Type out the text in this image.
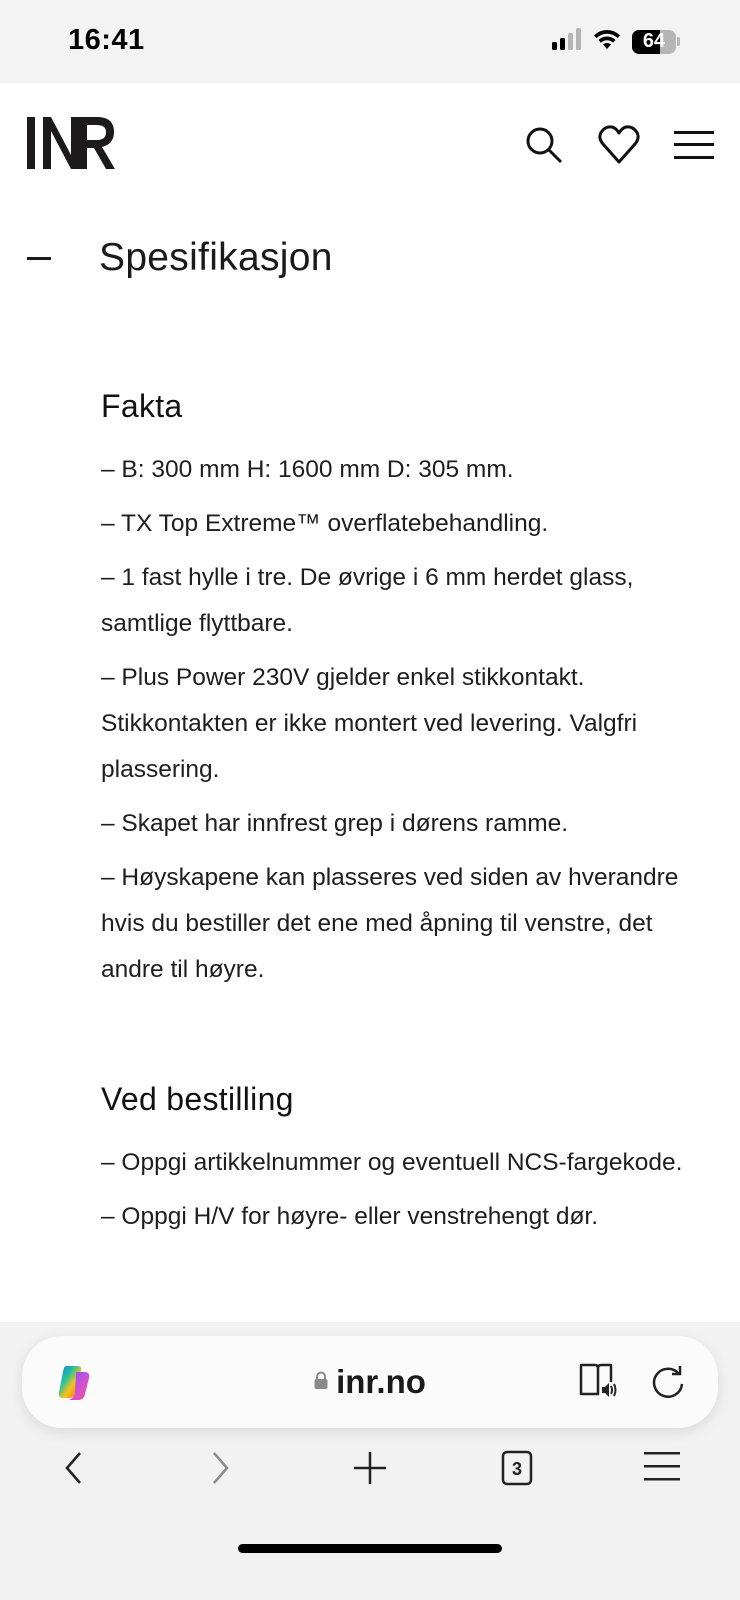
16:41	64
Spesifikasjon
Fakta
– B: 300 mm H: 1600 mm D: 305 mm.
– TX Top Extreme™ overflatebehandling.
– 1 fast hylle i tre. De øvrige i 6 mm herdet glass, samtlige flyttbare.
– Plus Power 230V gjelder enkel stikkontakt. Stikkontakten er ikke montert ved levering. Valgfri plassering.
– Skapet har innfrest grep i dørens ramme.
– Høyskapene kan plasseres ved siden av hverandre hvis du bestiller det ene med åpning til venstre, det andre til høyre.
Ved bestilling
– Oppgi artikkelnummer og eventuell NCS-fargekode.
– Oppgi H/V for høyre- eller venstrehengt dør.
inr.no
3
